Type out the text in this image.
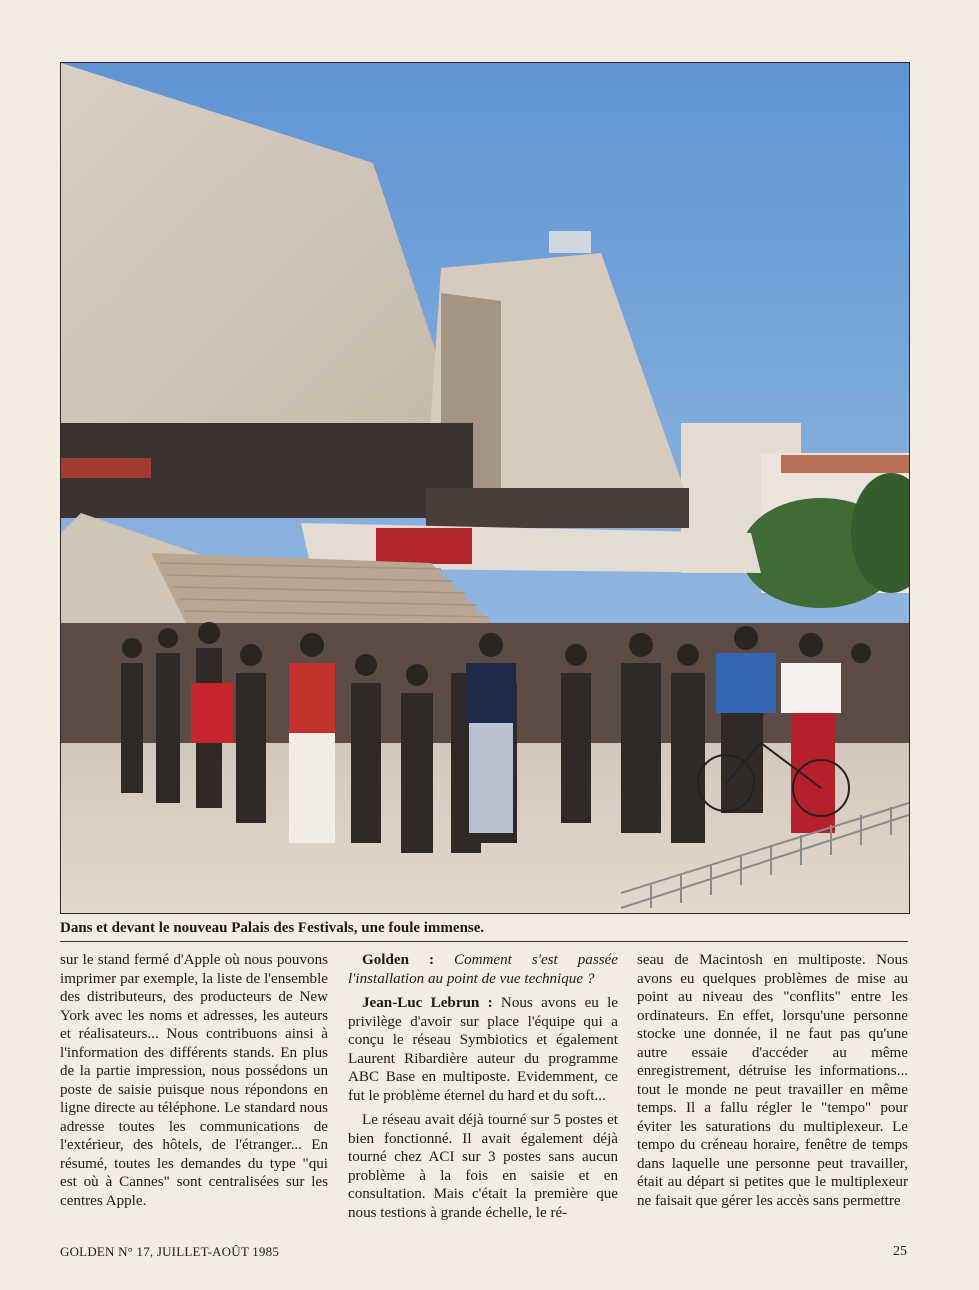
Dans et devant le nouveau Palais des Festivals, une foule immense.

sur le stand fermé d'Apple où nous pouvons imprimer par exemple, la liste de l'ensemble des distributeurs, des producteurs de New York avec les noms et adresses, les auteurs et réalisateurs... Nous contribuons ainsi à l'information des différents stands. En plus de la partie impression, nous possédons un poste de saisie puisque nous répondons en ligne directe au téléphone. Le standard nous adresse toutes les communications de l'extérieur, des hôtels, de l'étranger... En résumé, toutes les demandes du type "qui est où à Cannes" sont centralisées sur les centres Apple.

Golden : Comment s'est passée l'installation au point de vue technique ?

Jean-Luc Lebrun : Nous avons eu le privilège d'avoir sur place l'équipe qui a conçu le réseau Symbiotics et également Laurent Ribardière auteur du programme ABC Base en multiposte. Evidemment, ce fut le problème éternel du hard et du soft...

Le réseau avait déjà tourné sur 5 postes et bien fonctionné. Il avait également déjà tourné chez ACI sur 3 postes sans aucun problème à la fois en saisie et en consultation. Mais c'était la première que nous testions à grande échelle, le ré-

seau de Macintosh en multiposte. Nous avons eu quelques problèmes de mise au point au niveau des "conflits" entre les ordinateurs. En effet, lorsqu'une personne stocke une donnée, il ne faut pas qu'une autre essaie d'accéder au même enregistrement, détruise les informations... tout le monde ne peut travailler en même temps. Il a fallu régler le "tempo" pour éviter les saturations du multiplexeur. Le tempo du créneau horaire, fenêtre de temps dans laquelle une personne peut travailler, était au départ si petites que le multiplexeur ne faisait que gérer les accès sans permettre

GOLDEN N° 17, JUILLET-AOÛT 1985	25
